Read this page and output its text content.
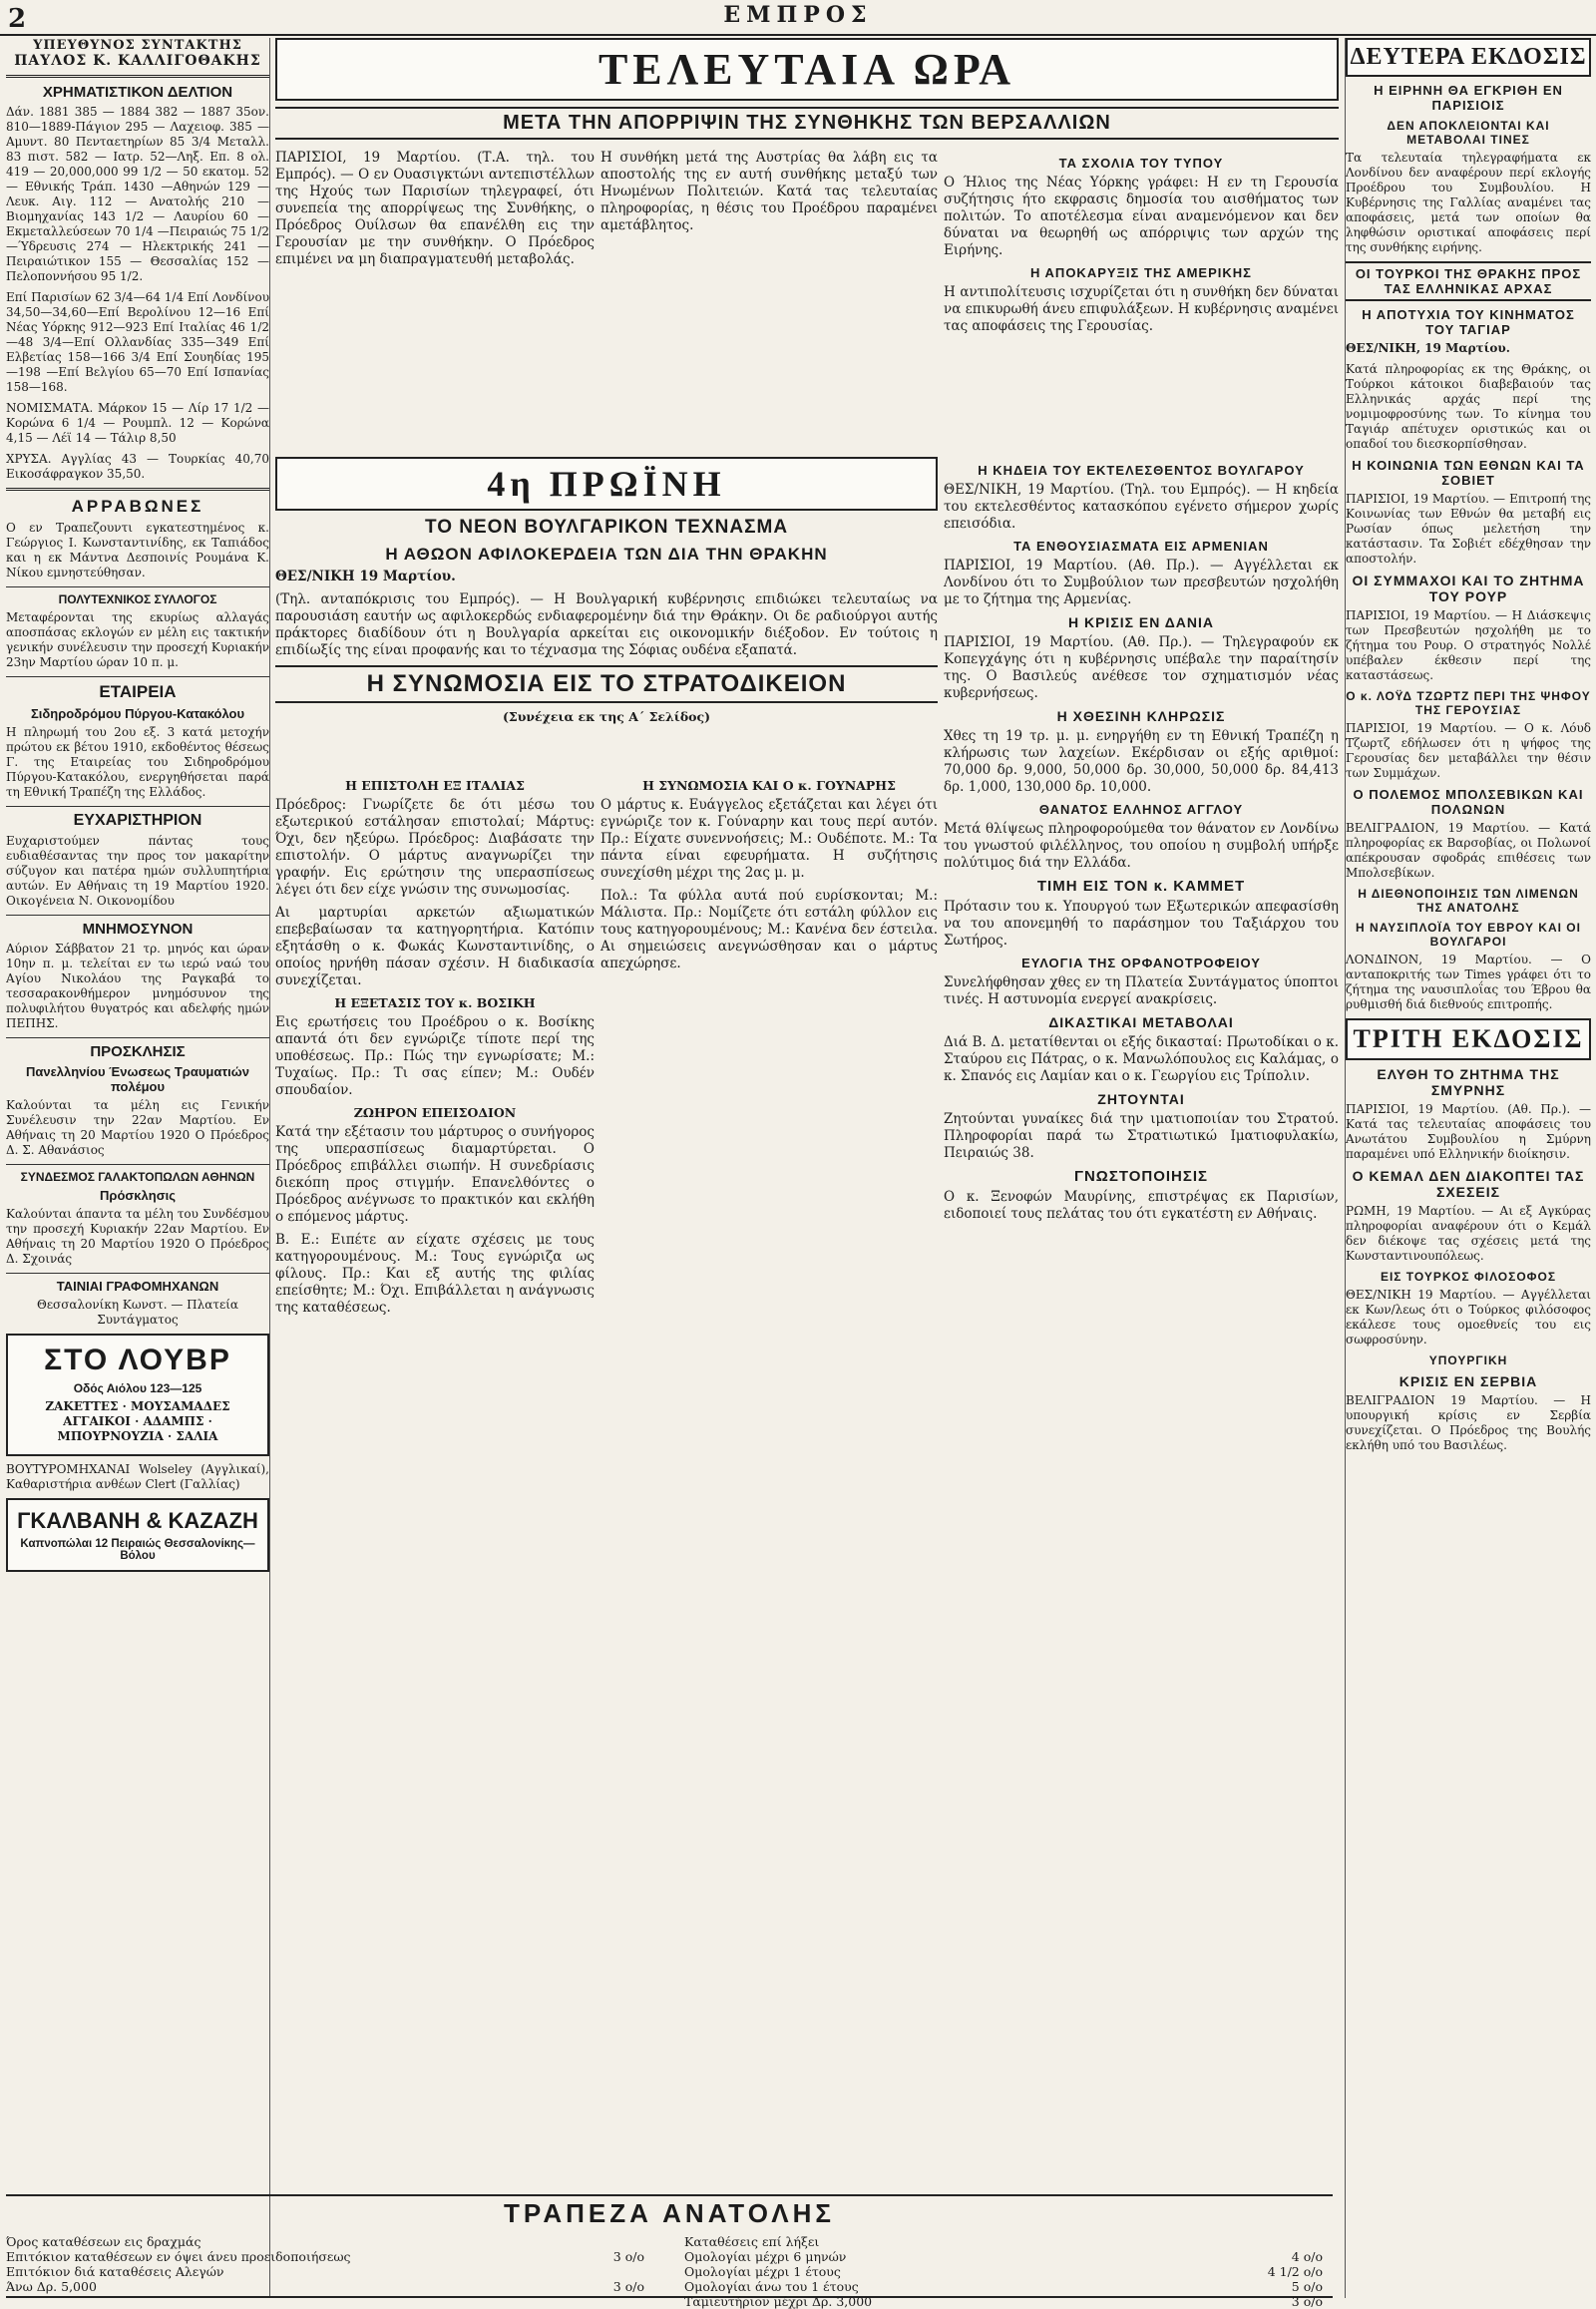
2	ΕΜΠΡΟΣ
ΥΠΕΥΘΥΝΟΣ ΣΥΝΤΑΚΤΗΣ
ΠΑΥΛΟΣ Κ. ΚΑΛΛΙΓΟΘΑΚΗΣ
ΧΡΗΜΑΤΙΣΤΙΚΟΝ ΔΕΛΤΙΟΝ

Δάν. 1881 385 — 1884 382 — 1887 35ον. 810—1889-Πάγιον 295 — Λαχειοφ. 385 — Αμυντ. 80 Πενταετηρίων 85 3/4 Μεταλλ. 83 πιστ. 582 — Ιατρ. 52—Ληξ. Επ. 8 ολ. 419 — 20,000,000 99 1/2 — 50 εκατομ. 52 — Εθνικής Τράπ. 1430 —Αθηνών 129 — Λευκ. Αιγ. 112 — Ανατολής 210 — Βιομηχανίας 143 1/2 — Λαυρίου 60 —Εκμεταλλεύσεων 70 1/4 —Πειραιώς 75 1/2 —Ύδρευσις 274 — Ηλεκτρικής 241 — Πειραιώτικον 155 — Θεσσαλίας 152 — Πελοποννήσου 95 1/2.

Επί Παρισίων 62 3/4—64 1/4 Επί Λονδίνου 34,50—34,60—Επί Βερολίνου 12—16 Επί Νέας Υόρκης 912—923 Επί Ιταλίας 46 1/2—48 3/4—Επί Ολλανδίας 335—349 Επί Ελβετίας 158—166 3/4 Επί Σουηδίας 195—198 —Επί Βελγίου 65—70 Επί Ισπανίας 158—168.

ΝΟΜΙΣΜΑΤΑ. Μάρκον 15 — Λίρ 17 1/2 — Κορώνα 6 1/4 — Ρουμπλ. 12 — Κορώνα 4,15 — Λέϊ 14 — Τάλιρ 8,50

ΧΡΥΣΑ. Αγγλίας 43 — Τουρκίας 40,70 Εικοσάφραγκον 35,50.

ΑΡΡΑΒΩΝΕΣ

Ο εν Τραπεζουντι εγκατεστημένος κ. Γεώργιος Ι. Κωνσταντινίδης, εκ Ταπιάδος και η εκ Μάντνα Δεσποινίς Ρουμάνα Κ. Νίκου εμνηστεύθησαν.

ΠΟΛΥΤΕΧΝΙΚΟΣ ΣΥΛΛΟΓΟΣ

Μεταφέρονται της εκυρίως αλλαγάς αποσπάσας εκλογών εν μέλη εις τακτικήν γενικήν συνέλευσιν την προσεχή Κυριακήν 23ην Μαρτίου ώραν 10 π. μ.

ΕΤΑΙΡΕΙΑ
Σιδηροδρόμου Πύργου-Κατακόλου

Η πληρωμή του 2ου εξ. 3 κατά μετοχήν πρώτου εκ βέτου 1910, εκδοθέντος θέσεως Γ. της Εταιρείας του Σιδηροδρόμου Πύργου-Κατακόλου, ενεργηθήσεται παρά τη Εθνική Τραπέζη της Ελλάδος.

ΕΥΧΑΡΙΣΤΗΡΙΟΝ

Ευχαριστούμεν πάντας τους ευδιαθέσαντας την προς τον μακαρίτην σύζυγον και πατέρα ημών συλλυπητήρια αυτών. Εν Αθήναις τη 19 Μαρτίου 1920. Οικογένεια Ν. Οικονομίδου

ΜΝΗΜΟΣΥΝΟΝ

Αύριον Σάββατον 21 τρ. μηνός και ώραν 10ην π. μ. τελείται εν τω ιερώ ναώ του Αγίου Νικολάου της Ραγκαβά το τεσσαρακονθήμερον μνημόσυνον της πολυφιλήτου θυγατρός και αδελφής ημών ΠΕΠΗΣ.

ΠΡΟΣΚΛΗΣΙΣ
Πανελληνίου Ένωσεως Τραυματιών πολέμου

Καλούνται τα μέλη εις Γενικήν Συνέλευσιν την 22αν Μαρτίου. Εν Αθήναις τη 20 Μαρτίου 1920 Ο Πρόεδρος Δ. Σ. Αθανάσιος

ΣΥΝΔΕΣΜΟΣ ΓΑΛΑΚΤΟΠΩΛΩΝ ΑΘΗΝΩΝ
Πρόσκλησις

Καλούνται άπαντα τα μέλη του Συνδέσμου την προσεχή Κυριακήν 22αν Μαρτίου. Εν Αθήναις τη 20 Μαρτίου 1920 Ο Πρόεδρος Δ. Σχοινάς

ΤΑΙΝΙΑΙ ΓΡΑΦΟΜΗΧΑΝΩΝ

Θεσσαλονίκη Κωνστ. — Πλατεία Συντάγματος

ΣΤΟ ΛΟΥΒΡ
Οδός Αιόλου 123—125

ΖΑΚΕΤΤΕΣ · ΜΟΥΣΑΜΑΔΕΣ ΑΓΓΑΙΚΟΙ · ΑΔΑΜΠΣ · ΜΠΟΥΡΝΟΥΖΙΑ · ΣΑΛΙΑ

ΒΟΥΤΥΡΟΜΗΧΑΝΑΙ Wolseley (Αγγλικαί), Καθαριστήρια ανθέων Clert (Γαλλίας)

ΓΚΑΛΒΑΝΗ & ΚΑΖΑΖΗ
Καπνοπώλαι 12 Πειραιώς Θεσσαλονίκης—Βόλου
ΤΕΛΕΥΤΑΙΑ ΩΡΑ
ΜΕΤΑ ΤΗΝ ΑΠΟΡΡΙΨΙΝ ΤΗΣ ΣΥΝΘΗΚΗΣ ΤΩΝ ΒΕΡΣΑΛΛΙΩΝ

ΠΑΡΙΣΙΟΙ, 19 Μαρτίου. (Τ.Α. τηλ. του Εμπρός). — Ο εν Ουασιγκτώνι αντεπιστέλλων της Ηχούς των Παρισίων τηλεγραφεί, ότι συνεπεία της απορρίψεως της Συνθήκης, ο Πρόεδρος Ουίλσων θα επανέλθη εις την Γερουσίαν με την συνθήκην. Ο Πρόεδρος επιμένει να μη διαπραγματευθή μεταβολάς.

Η συνθήκη μετά της Αυστρίας θα λάβη εις τα αποστολής της εν αυτή συνθήκης μεταξύ των Ηνωμένων Πολιτειών. Κατά τας τελευταίας πληροφορίας, η θέσις του Προέδρου παραμένει αμετάβλητος.

ΤΑ ΣΧΟΛΙΑ ΤΟΥ ΤΥΠΟΥ

Ο Ήλιος της Νέας Υόρκης γράφει: Η εν τη Γερουσία συζήτησις ήτο εκφρασις δημοσία του αισθήματος των πολιτών. Το αποτέλεσμα είναι αναμενόμενον και δεν δύναται να θεωρηθή ως απόρριψις των αρχών της Ειρήνης.

Η ΑΠΟΚΑΡΥΞΙΣ ΤΗΣ ΑΜΕΡΙΚΗΣ

Η αντιπολίτευσις ισχυρίζεται ότι η συνθήκη δεν δύναται να επικυρωθή άνευ επιφυλάξεων. Η κυβέρνησις αναμένει τας αποφάσεις της Γερουσίας.

4η ΠΡΩΪΝΗ
ΤΟ ΝΕΟΝ ΒΟΥΛΓΑΡΙΚΟΝ ΤΕΧΝΑΣΜΑ
Η ΑΘΩΟΝ ΑΦΙΛΟΚΕΡΔΕΙΑ ΤΩΝ ΔΙΑ ΤΗΝ ΘΡΑΚΗΝ

ΘΕΣ/ΝΙΚΗ 19 Μαρτίου.

(Τηλ. ανταπόκρισις του Εμπρός). — Η Βουλγαρική κυβέρνησις επιδιώκει τελευταίως να παρουσιάση εαυτήν ως αφιλοκερδώς ενδιαφερομένην διά την Θράκην. Οι δε ραδιούργοι αυτής πράκτορες διαδίδουν ότι η Βουλγαρία αρκείται εις οικονομικήν διέξοδον. Εν τούτοις η επιδίωξίς της είναι προφανής και το τέχνασμα της Σόφιας ουδένα εξαπατά.

Η ΣΥΝΩΜΟΣΙΑ ΕΙΣ ΤΟ ΣΤΡΑΤΟΔΙΚΕΙΟΝ
(Συνέχεια εκ της Α΄ Σελίδος)
Η ΕΠΙΣΤΟΛΗ ΕΞ ΙΤΑΛΙΑΣ

Πρόεδρος: Γνωρίζετε δε ότι μέσω του εξωτερικού εστάλησαν επιστολαί; Μάρτυς: Όχι, δεν ηξεύρω. Πρόεδρος: Διαβάσατε την επιστολήν. Ο μάρτυς αναγνωρίζει την γραφήν. Εις ερώτησιν της υπερασπίσεως λέγει ότι δεν είχε γνώσιν της συνωμοσίας.

Αι μαρτυρίαι αρκετών αξιωματικών επεβεβαίωσαν τα κατηγορητήρια. Κατόπιν εξητάσθη ο κ. Φωκάς Κωνσταντινίδης, ο οποίος ηρνήθη πάσαν σχέσιν. Η διαδικασία συνεχίζεται.

Η ΕΞΕΤΑΣΙΣ ΤΟΥ κ. ΒΟΣΙΚΗ

Εις ερωτήσεις του Προέδρου ο κ. Βοσίκης απαντά ότι δεν εγνώριζε τίποτε περί της υποθέσεως. Πρ.: Πώς την εγνωρίσατε; Μ.: Τυχαίως. Πρ.: Τι σας είπεν; Μ.: Ουδέν σπουδαίον.

ΖΩΗΡΟΝ ΕΠΕΙΣΟΔΙΟΝ

Κατά την εξέτασιν του μάρτυρος ο συνήγορος της υπερασπίσεως διαμαρτύρεται. Ο Πρόεδρος επιβάλλει σιωπήν. Η συνεδρίασις διεκόπη προς στιγμήν. Επανελθόντες ο Πρόεδρος ανέγνωσε το πρακτικόν και εκλήθη ο επόμενος μάρτυς.

Β. Ε.: Ειπέτε αν είχατε σχέσεις με τους κατηγορουμένους. Μ.: Τους εγνώριζα ως φίλους. Πρ.: Και εξ αυτής της φιλίας επείσθητε; Μ.: Όχι. Επιβάλλεται η ανάγνωσις της καταθέσεως.

Η ΣΥΝΩΜΟΣΙΑ ΚΑΙ Ο κ. ΓΟΥΝΑΡΗΣ

Ο μάρτυς κ. Ευάγγελος εξετάζεται και λέγει ότι εγνώριζε τον κ. Γούναρην και τους περί αυτόν. Πρ.: Είχατε συνεννοήσεις; Μ.: Ουδέποτε. Μ.: Τα πάντα είναι εφευρήματα. Η συζήτησις συνεχίσθη μέχρι της 2ας μ. μ.

Πολ.: Τα φύλλα αυτά πού ευρίσκονται; Μ.: Μάλιστα. Πρ.: Νομίζετε ότι εστάλη φύλλον εις τους κατηγορουμένους; Μ.: Κανένα δεν έστειλα. Αι σημειώσεις ανεγνώσθησαν και ο μάρτυς απεχώρησε.

Η ΚΗΔΕΙΑ ΤΟΥ ΕΚΤΕΛΕΣΘΕΝΤΟΣ ΒΟΥΛΓΑΡΟΥ

ΘΕΣ/ΝΙΚΗ, 19 Μαρτίου. (Τηλ. του Εμπρός). — Η κηδεία του εκτελεσθέντος κατασκόπου εγένετο σήμερον χωρίς επεισόδια.

ΤΑ ΕΝΘΟΥΣΙΑΣΜΑΤΑ ΕΙΣ ΑΡΜΕΝΙΑΝ

ΠΑΡΙΣΙΟΙ, 19 Μαρτίου. (Αθ. Πρ.). — Αγγέλλεται εκ Λονδίνου ότι το Συμβούλιον των πρεσβευτών ησχολήθη με το ζήτημα της Αρμενίας.

Η ΚΡΙΣΙΣ ΕΝ ΔΑΝΙΑ

ΠΑΡΙΣΙΟΙ, 19 Μαρτίου. (Αθ. Πρ.). — Τηλεγραφούν εκ Κοπεγχάγης ότι η κυβέρνησις υπέβαλε την παραίτησίν της. Ο Βασιλεύς ανέθεσε τον σχηματισμόν νέας κυβερνήσεως.

Η ΧΘΕΣΙΝΗ ΚΛΗΡΩΣΙΣ

Χθες τη 19 τρ. μ. μ. ενηργήθη εν τη Εθνική Τραπέζη η κλήρωσις των λαχείων. Εκέρδισαν οι εξής αριθμοί: 70,000 δρ. 9,000, 50,000 δρ. 30,000, 50,000 δρ. 84,413 δρ. 1,000, 130,000 δρ. 10,000.

ΘΑΝΑΤΟΣ ΕΛΛΗΝΟΣ ΑΓΓΛΟΥ

Μετά θλίψεως πληροφορούμεθα τον θάνατον εν Λονδίνω του γνωστού φιλέλληνος, του οποίου η συμβολή υπήρξε πολύτιμος διά την Ελλάδα.

ΤΙΜΗ ΕΙΣ ΤΟΝ κ. ΚΑΜΜΕΤ

Πρότασιν του κ. Υπουργού των Εξωτερικών απεφασίσθη να του απονεμηθή το παράσημον του Ταξιάρχου του Σωτήρος.

ΕΥΛΟΓΙΑ ΤΗΣ ΟΡΦΑΝΟΤΡΟΦΕΙΟΥ

Συνελήφθησαν χθες εν τη Πλατεία Συντάγματος ύποπτοι τινές. Η αστυνομία ενεργεί ανακρίσεις.

ΔΙΚΑΣΤΙΚΑΙ ΜΕΤΑΒΟΛΑΙ

Διά Β. Δ. μετατίθενται οι εξής δικασταί: Πρωτοδίκαι ο κ. Σταύρου εις Πάτρας, ο κ. Μανωλόπουλος εις Καλάμας, ο κ. Σπανός εις Λαμίαν και ο κ. Γεωργίου εις Τρίπολιν.

ΖΗΤΟΥΝΤΑΙ

Ζητούνται γυναίκες διά την ιματιοποιίαν του Στρατού. Πληροφορίαι παρά τω Στρατιωτικώ Ιματιοφυλακίω, Πειραιώς 38.

ΓΝΩΣΤΟΠΟΙΗΣΙΣ

Ο κ. Ξενοφών Μαυρίνης, επιστρέψας εκ Παρισίων, ειδοποιεί τους πελάτας του ότι εγκατέστη εν Αθήναις.

ΔΕΥΤΕΡΑ ΕΚΔΟΣΙΣ
Η ΕΙΡΗΝΗ ΘΑ ΕΓΚΡΙΘΗ ΕΝ ΠΑΡΙΣΙΟΙΣ
ΔΕΝ ΑΠΟΚΛΕΙΟΝΤΑΙ ΚΑΙ ΜΕΤΑΒΟΛΑΙ ΤΙΝΕΣ

Τα τελευταία τηλεγραφήματα εκ Λονδίνου δεν αναφέρουν περί εκλογής Προέδρου του Συμβουλίου. Η Κυβέρνησις της Γαλλίας αναμένει τας αποφάσεις, μετά των οποίων θα ληφθώσιν οριστικαί αποφάσεις περί της συνθήκης ειρήνης.

ΟΙ ΤΟΥΡΚΟΙ ΤΗΣ ΘΡΑΚΗΣ ΠΡΟΣ ΤΑΣ ΕΛΛΗΝΙΚΑΣ ΑΡΧΑΣ
Η ΑΠΟΤΥΧΙΑ ΤΟΥ ΚΙΝΗΜΑΤΟΣ ΤΟΥ ΤΑΓΙΑΡ

ΘΕΣ/ΝΙΚΗ, 19 Μαρτίου.

Κατά πληροφορίας εκ της Θράκης, οι Τούρκοι κάτοικοι διαβεβαιούν τας Ελληνικάς αρχάς περί της νομιμοφροσύνης των. Το κίνημα του Ταγιάρ απέτυχεν οριστικώς και οι οπαδοί του διεσκορπίσθησαν.

Η ΚΟΙΝΩΝΙΑ ΤΩΝ ΕΘΝΩΝ ΚΑΙ ΤΑ ΣΟΒΙΕΤ

ΠΑΡΙΣΙΟΙ, 19 Μαρτίου. — Επιτροπή της Κοινωνίας των Εθνών θα μεταβή εις Ρωσίαν όπως μελετήση την κατάστασιν. Τα Σοβιέτ εδέχθησαν την αποστολήν.

ΟΙ ΣΥΜΜΑΧΟΙ ΚΑΙ ΤΟ ΖΗΤΗΜΑ ΤΟΥ ΡΟΥΡ

ΠΑΡΙΣΙΟΙ, 19 Μαρτίου. — Η Διάσκεψις των Πρεσβευτών ησχολήθη με το ζήτημα του Ρουρ. Ο στρατηγός Νολλέ υπέβαλεν έκθεσιν περί της καταστάσεως.

Ο κ. ΛΟΫΔ ΤΖΩΡΤΖ ΠΕΡΙ ΤΗΣ ΨΗΦΟΥ ΤΗΣ ΓΕΡΟΥΣΙΑΣ

ΠΑΡΙΣΙΟΙ, 19 Μαρτίου. — Ο κ. Λόυδ Τζωρτζ εδήλωσεν ότι η ψήφος της Γερουσίας δεν μεταβάλλει την θέσιν των Συμμάχων.

Ο ΠΟΛΕΜΟΣ ΜΠΟΛΣΕΒΙΚΩΝ ΚΑΙ ΠΟΛΩΝΩΝ

ΒΕΛΙΓΡΑΔΙΟΝ, 19 Μαρτίου. — Κατά πληροφορίας εκ Βαρσοβίας, οι Πολωνοί απέκρουσαν σφοδράς επιθέσεις των Μπολσεβίκων.

Η ΔΙΕΘΝΟΠΟΙΗΣΙΣ ΤΩΝ ΛΙΜΕΝΩΝ ΤΗΣ ΑΝΑΤΟΛΗΣ
Η ΝΑΥΣΙΠΛΟΪΑ ΤΟΥ ΕΒΡΟΥ ΚΑΙ ΟΙ ΒΟΥΛΓΑΡΟΙ

ΛΟΝΔΙΝΟΝ, 19 Μαρτίου. — Ο ανταποκριτής των Times γράφει ότι το ζήτημα της ναυσιπλοΐας του Έβρου θα ρυθμισθή διά διεθνούς επιτροπής.

ΤΡΙΤΗ ΕΚΔΟΣΙΣ
ΕΛΥΘΗ ΤΟ ΖΗΤΗΜΑ ΤΗΣ ΣΜΥΡΝΗΣ

ΠΑΡΙΣΙΟΙ, 19 Μαρτίου. (Αθ. Πρ.). — Κατά τας τελευταίας αποφάσεις του Ανωτάτου Συμβουλίου η Σμύρνη παραμένει υπό Ελληνικήν διοίκησιν.

Ο ΚΕΜΑΛ ΔΕΝ ΔΙΑΚΟΠΤΕΙ ΤΑΣ ΣΧΕΣΕΙΣ

ΡΩΜΗ, 19 Μαρτίου. — Αι εξ Αγκύρας πληροφορίαι αναφέρουν ότι ο Κεμάλ δεν διέκοψε τας σχέσεις μετά της Κωνσταντινουπόλεως.

ΕΙΣ ΤΟΥΡΚΟΣ ΦΙΛΟΣΟΦΟΣ

ΘΕΣ/ΝΙΚΗ 19 Μαρτίου. — Αγγέλλεται εκ Κων/λεως ότι ο Τούρκος φιλόσοφος εκάλεσε τους ομοεθνείς του εις σωφροσύνην.

ΥΠΟΥΡΓΙΚΗ
ΚΡΙΣΙΣ ΕΝ ΣΕΡΒΙΑ

ΒΕΛΙΓΡΑΔΙΟΝ 19 Μαρτίου. — Η υπουργική κρίσις εν Σερβία συνεχίζεται. Ο Πρόεδρος της Βουλής εκλήθη υπό του Βασιλέως.

ΤΡΑΠΕΖΑ ΑΝΑΤΟΛΗΣ
Όρος καταθέσεων εις δραχμάς
Επιτόκιον καταθέσεων εν όψει άνευ προειδοποιήσεως	3 ο/ο
Επιτόκιον διά καταθέσεις Αλεγών
Άνω Δρ. 5,000	3 ο/ο
Καταθέσεις επί λήξει
Ομολογίαι μέχρι 6 μηνών	4 ο/ο
Ομολογίαι μέχρι 1 έτους	4 1/2 ο/ο
Ομολογίαι άνω του 1 έτους	5 ο/ο
Ταμιευτήριον μέχρι Δρ. 3,000	3 ο/ο
